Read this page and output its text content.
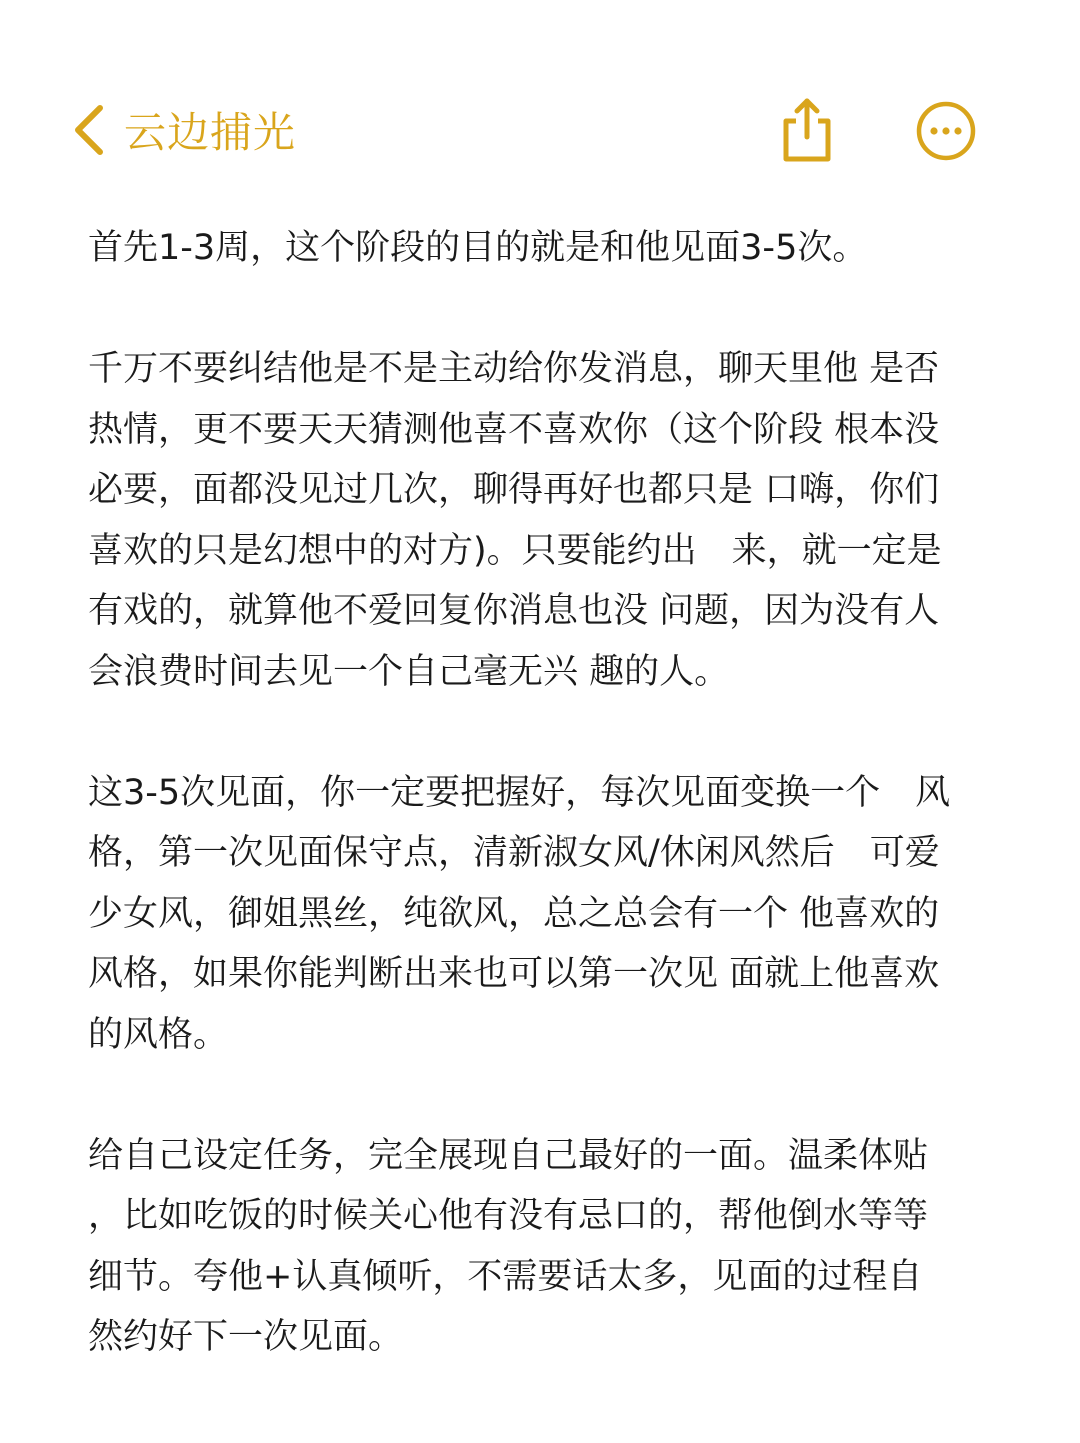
云边捕光

首先1-3周，这个阶段的目的就是和他见面3-5次。

千万不要纠结他是不是主动给你发消息，聊天里他 是否
热情，更不要天天猜测他喜不喜欢你（这个阶段 根本没
必要，面都没见过几次，聊得再好也都只是 口嗨，你们
喜欢的只是幻想中的对方)。只要能约出　来，就一定是
有戏的，就算他不爱回复你消息也没 问题，因为没有人
会浪费时间去见一个自己毫无兴 趣的人。

这3-5次见面，你一定要把握好，每次见面变换一个　风
格，第一次见面保守点，清新淑女风/休闲风然后　可爱
少女风，御姐黑丝，纯欲风，总之总会有一个 他喜欢的
风格，如果你能判断出来也可以第一次见 面就上他喜欢
的风格。

给自己设定任务，完全展现自己最好的一面。温柔体贴
，比如吃饭的时候关心他有没有忌口的，帮他倒水等等
细节。夸他+认真倾听，不需要话太多，见面的过程自
然约好下一次见面。
